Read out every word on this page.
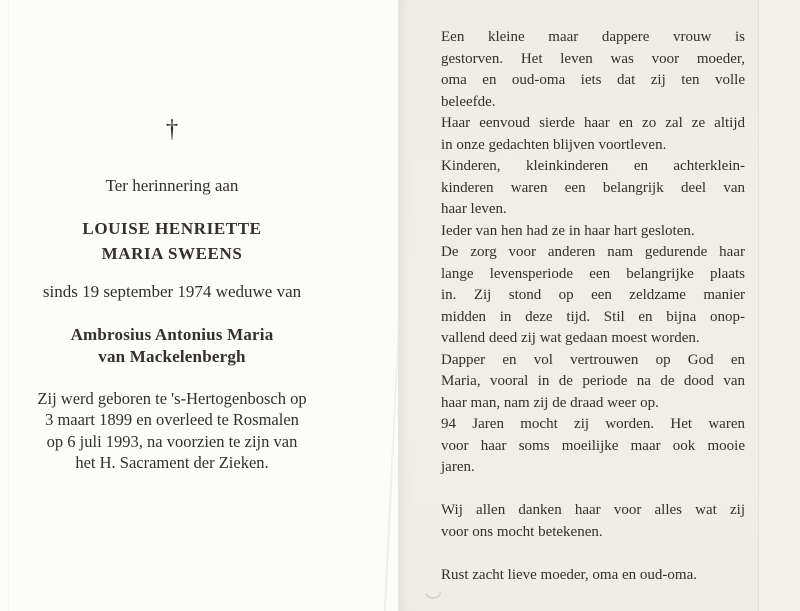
†
Ter herinnering aan
LOUISE HENRIETTE
MARIA SWEENS
sinds 19 september 1974 weduwe van
Ambrosius Antonius Maria
van Mackelenbergh
Zij werd geboren te 's-Hertogenbosch op
3 maart 1899 en overleed te Rosmalen
op 6 juli 1993, na voorzien te zijn van
het H. Sacrament der Zieken.
Een kleine maar dappere vrouw is
gestorven. Het leven was voor moeder,
oma en oud-oma iets dat zij ten volle
beleefde.
Haar eenvoud sierde haar en zo zal ze altijd
in onze gedachten blijven voortleven.
Kinderen, kleinkinderen en achterklein-
kinderen waren een belangrijk deel van
haar leven.
Ieder van hen had ze in haar hart gesloten.
De zorg voor anderen nam gedurende haar
lange levensperiode een belangrijke plaats
in. Zij stond op een zeldzame manier
midden in deze tijd. Stil en bijna onop-
vallend deed zij wat gedaan moest worden.
Dapper en vol vertrouwen op God en
Maria, vooral in de periode na de dood van
haar man, nam zij de draad weer op.
94 Jaren mocht zij worden. Het waren
voor haar soms moeilijke maar ook mooie
jaren.
Wij allen danken haar voor alles wat zij
voor ons mocht betekenen.
Rust zacht lieve moeder, oma en oud-oma.
